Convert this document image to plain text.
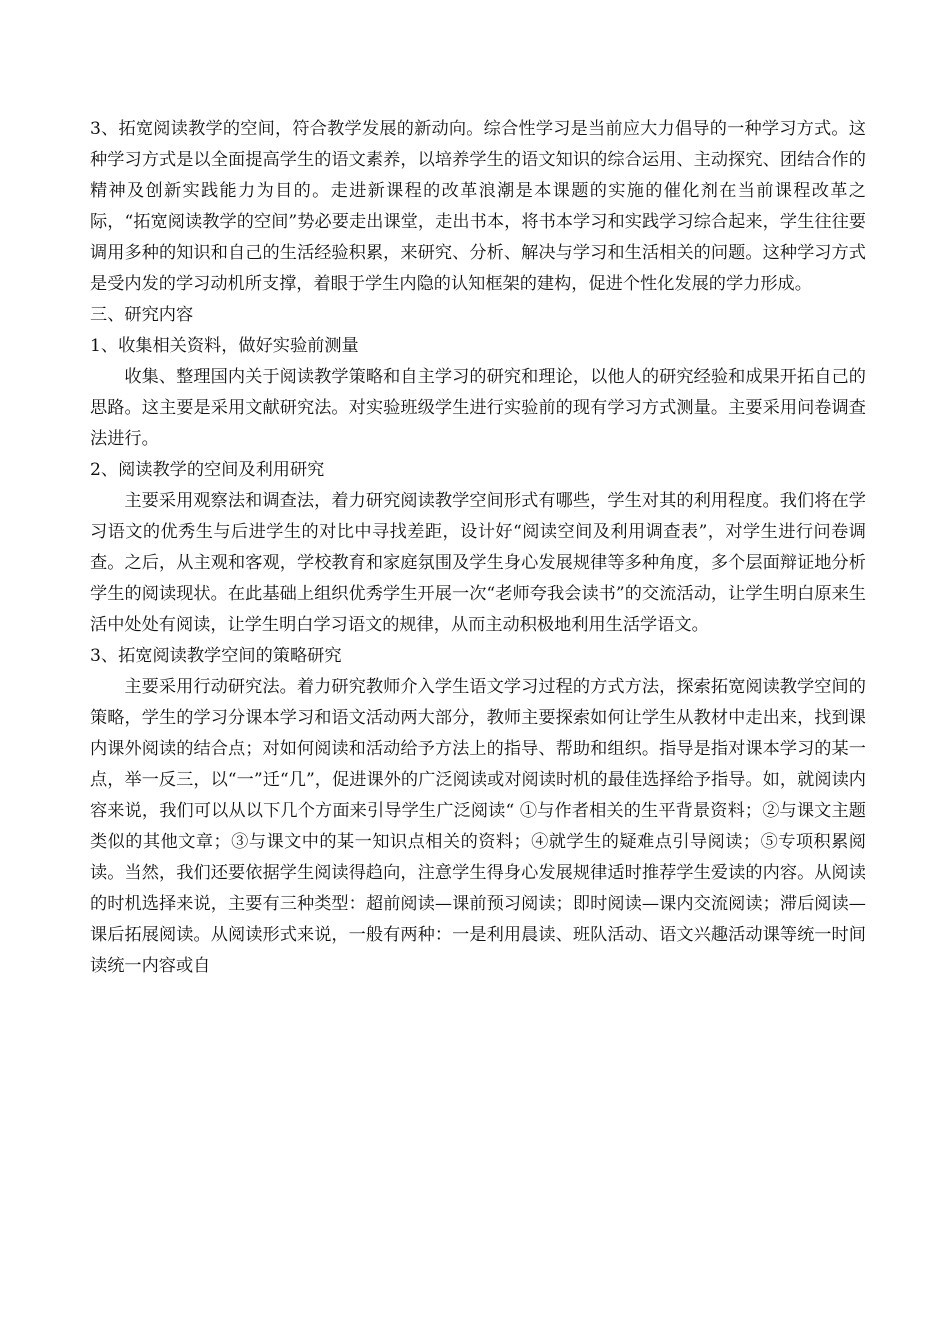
3、拓宽阅读教学的空间，符合教学发展的新动向。综合性学习是当前应大力倡导的一种学习方式。这种学习方式是以全面提高学生的语文素养，以培养学生的语文知识的综合运用、主动探究、团结合作的精神及创新实践能力为目的。走进新课程的改革浪潮是本课题的实施的催化剂在当前课程改革之际，“拓宽阅读教学的空间”势必要走出课堂，走出书本，将书本学习和实践学习综合起来，学生往往要调用多种的知识和自己的生活经验积累，来研究、分析、解决与学习和生活相关的问题。这种学习方式是受内发的学习动机所支撑，着眼于学生内隐的认知框架的建构，促进个性化发展的学力形成。

三、研究内容

1、收集相关资料，做好实验前测量

收集、整理国内关于阅读教学策略和自主学习的研究和理论，以他人的研究经验和成果开拓自己的思路。这主要是采用文献研究法。对实验班级学生进行实验前的现有学习方式测量。主要采用问卷调查法进行。

2、阅读教学的空间及利用研究

主要采用观察法和调查法，着力研究阅读教学空间形式有哪些，学生对其的利用程度。我们将在学习语文的优秀生与后进学生的对比中寻找差距，设计好“阅读空间及利用调查表”，对学生进行问卷调查。之后，从主观和客观，学校教育和家庭氛围及学生身心发展规律等多种角度，多个层面辩证地分析学生的阅读现状。在此基础上组织优秀学生开展一次“老师夸我会读书”的交流活动，让学生明白原来生活中处处有阅读，让学生明白学习语文的规律，从而主动积极地利用生活学语文。

3、拓宽阅读教学空间的策略研究

主要采用行动研究法。着力研究教师介入学生语文学习过程的方式方法，探索拓宽阅读教学空间的策略，学生的学习分课本学习和语文活动两大部分，教师主要探索如何让学生从教材中走出来，找到课内课外阅读的结合点；对如何阅读和活动给予方法上的指导、帮助和组织。指导是指对课本学习的某一点，举一反三，以“一”迁“几”，促进课外的广泛阅读或对阅读时机的最佳选择给予指导。如，就阅读内容来说，我们可以从以下几个方面来引导学生广泛阅读“ ①与作者相关的生平背景资料；②与课文主题类似的其他文章；③与课文中的某一知识点相关的资料；④就学生的疑难点引导阅读；⑤专项积累阅读。当然，我们还要依据学生阅读得趋向，注意学生得身心发展规律适时推荐学生爱读的内容。从阅读的时机选择来说，主要有三种类型：超前阅读—课前预习阅读；即时阅读—课内交流阅读；滞后阅读—课后拓展阅读。从阅读形式来说，一般有两种：一是利用晨读、班队活动、语文兴趣活动课等统一时间读统一内容或自
